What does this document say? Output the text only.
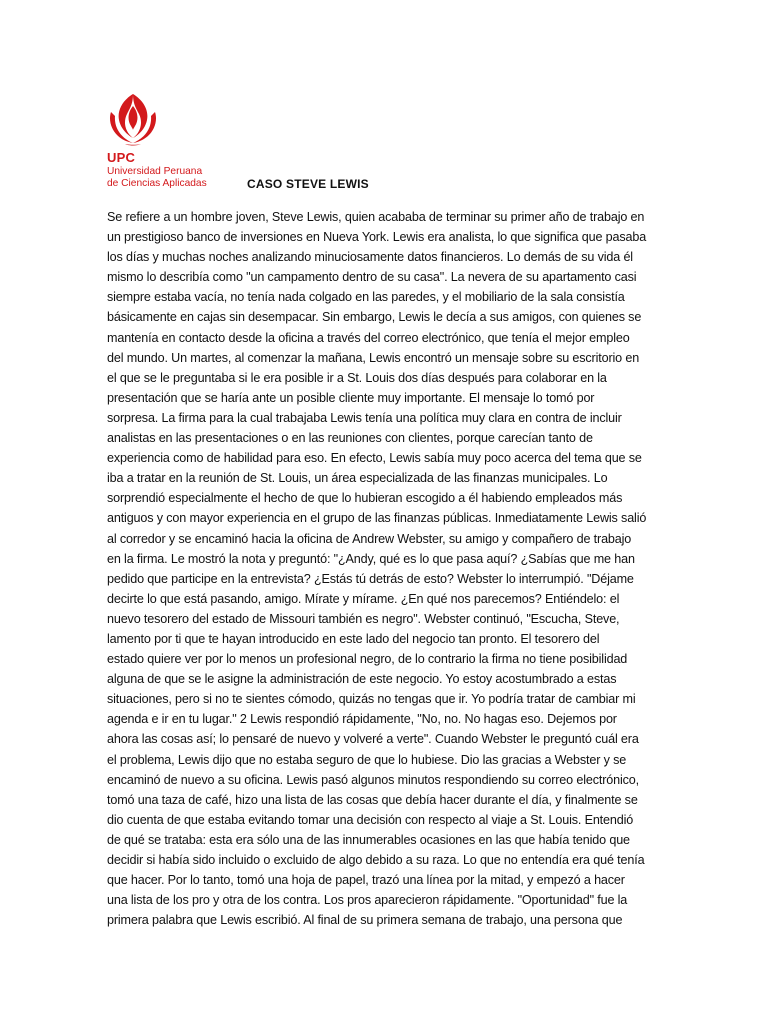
UPC
Universidad Peruana
de Ciencias Aplicadas	CASO STEVE LEWIS
Se refiere a un hombre joven, Steve Lewis, quien acababa de terminar su primer año de trabajo en
un prestigioso banco de inversiones en Nueva York. Lewis era analista, lo que significa que pasaba
los días y muchas noches analizando minuciosamente datos financieros. Lo demás de su vida él
mismo lo describía como "un campamento dentro de su casa". La nevera de su apartamento casi
siempre estaba vacía, no tenía nada colgado en las paredes, y el mobiliario de la sala consistía
básicamente en cajas sin desempacar. Sin embargo, Lewis le decía a sus amigos, con quienes se
mantenía en contacto desde la oficina a través del correo electrónico, que tenía el mejor empleo
del mundo. Un martes, al comenzar la mañana, Lewis encontró un mensaje sobre su escritorio en
el que se le preguntaba si le era posible ir a St. Louis dos días después para colaborar en la
presentación que se haría ante un posible cliente muy importante. El mensaje lo tomó por
sorpresa. La firma para la cual trabajaba Lewis tenía una política muy clara en contra de incluir
analistas en las presentaciones o en las reuniones con clientes, porque carecían tanto de
experiencia como de habilidad para eso. En efecto, Lewis sabía muy poco acerca del tema que se
iba a tratar en la reunión de St. Louis, un área especializada de las finanzas municipales. Lo
sorprendió especialmente el hecho de que lo hubieran escogido a él habiendo empleados más
antiguos y con mayor experiencia en el grupo de las finanzas públicas. Inmediatamente Lewis salió
al corredor y se encaminó hacia la oficina de Andrew Webster, su amigo y compañero de trabajo
en la firma. Le mostró la nota y preguntó: "¿Andy, qué es lo que pasa aquí? ¿Sabías que me han
pedido que participe en la entrevista? ¿Estás tú detrás de esto? Webster lo interrumpió. "Déjame
decirte lo que está pasando, amigo. Mírate y mírame. ¿En qué nos parecemos? Entiéndelo: el
nuevo tesorero del estado de Missouri también es negro". Webster continuó, "Escucha, Steve,
lamento por ti que te hayan introducido en este lado del negocio tan pronto. El tesorero del
estado quiere ver por lo menos un profesional negro, de lo contrario la firma no tiene posibilidad
alguna de que se le asigne la administración de este negocio. Yo estoy acostumbrado a estas
situaciones, pero si no te sientes cómodo, quizás no tengas que ir. Yo podría tratar de cambiar mi
agenda e ir en tu lugar." 2 Lewis respondió rápidamente, "No, no. No hagas eso. Dejemos por
ahora las cosas así; lo pensaré de nuevo y volveré a verte". Cuando Webster le preguntó cuál era
el problema, Lewis dijo que no estaba seguro de que lo hubiese. Dio las gracias a Webster y se
encaminó de nuevo a su oficina. Lewis pasó algunos minutos respondiendo su correo electrónico,
tomó una taza de café, hizo una lista de las cosas que debía hacer durante el día, y finalmente se
dio cuenta de que estaba evitando tomar una decisión con respecto al viaje a St. Louis. Entendió
de qué se trataba: esta era sólo una de las innumerables ocasiones en las que había tenido que
decidir si había sido incluido o excluido de algo debido a su raza. Lo que no entendía era qué tenía
que hacer. Por lo tanto, tomó una hoja de papel, trazó una línea por la mitad, y empezó a hacer
una lista de los pro y otra de los contra. Los pros aparecieron rápidamente. "Oportunidad" fue la
primera palabra que Lewis escribió. Al final de su primera semana de trabajo, una persona que
